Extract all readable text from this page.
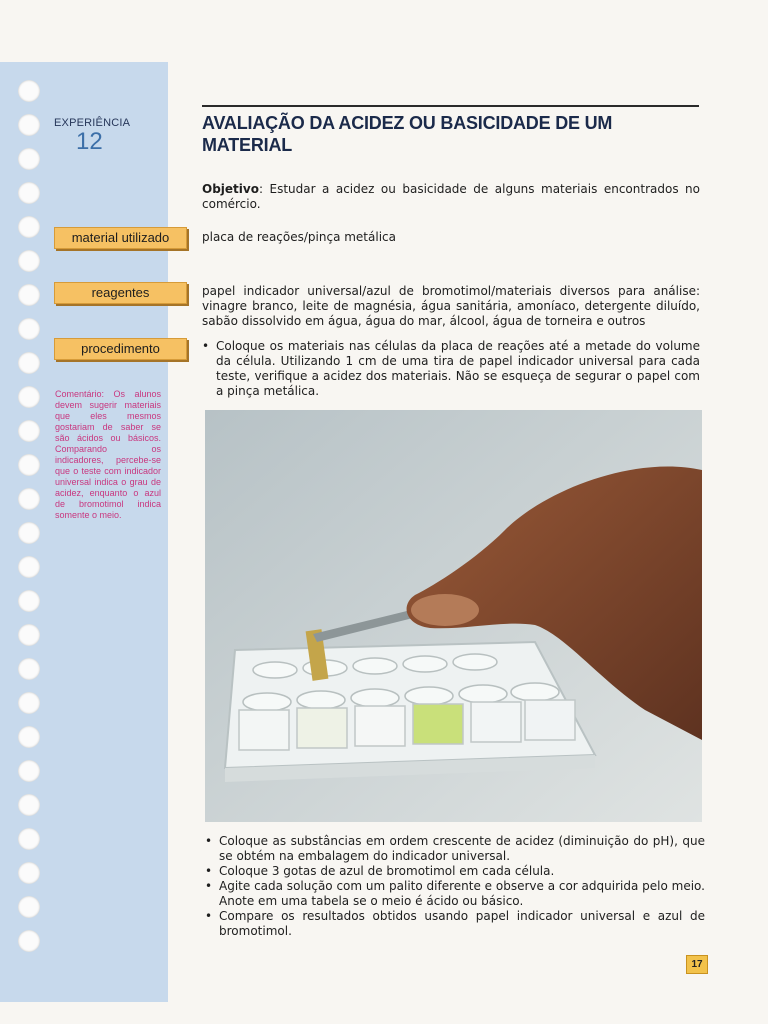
EXPERIÊNCIA
12
material utilizado
reagentes
procedimento
Comentário: Os alunos devem sugerir materiais que eles mesmos gostariam de saber se são ácidos ou básicos. Comparando os indicadores, percebe-se que o teste com indicador universal indica o grau de acidez, enquanto o azul de bromotimol indica somente o meio.
AVALIAÇÃO DA ACIDEZ OU BASICIDADE DE UM MATERIAL

Objetivo: Estudar a acidez ou basicidade de alguns materiais encontrados no comércio.

placa de reações/pinça metálica

papel indicador universal/azul de bromotimol/materiais diversos para análise: vinagre branco, leite de magnésia, água sanitária, amoníaco, detergente diluído, sabão dissolvido em água, água do mar, álcool, água de torneira e outros

• Coloque os materiais nas células da placa de reações até a metade do volume da célula. Utilizando 1 cm de uma tira de papel indicador universal para cada teste, verifique a acidez dos materiais. Não se esqueça de segurar o papel com a pinça metálica.
• Coloque as substâncias em ordem crescente de acidez (diminuição do pH), que se obtém na embalagem do indicador universal.
• Coloque 3 gotas de azul de bromotimol em cada célula.
• Agite cada solução com um palito diferente e observe a cor adquirida pelo meio. Anote em uma tabela se o meio é ácido ou básico.
• Compare os resultados obtidos usando papel indicador universal e azul de bromotimol.
17
